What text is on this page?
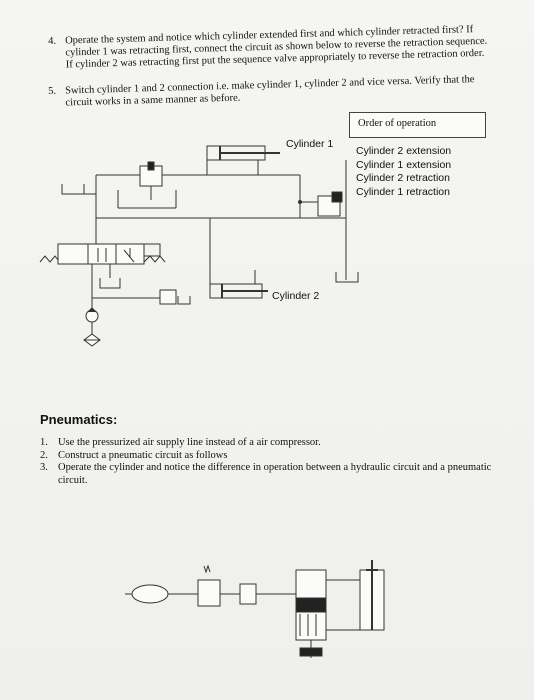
4. Operate the system and notice which cylinder extended first and which cylinder retracted first? If cylinder 1 was retracting first, connect the circuit as shown below to reverse the retraction sequence. If cylinder 2 was retracting first put the sequence valve appropriately to reverse the retraction order.
5. Switch cylinder 1 and 2 connection i.e. make cylinder 1, cylinder 2 and vice versa. Verify that the circuit works in a same manner as before.
Cylinder 1
Cylinder 2
Order of operation
Cylinder 2 extension
Cylinder 1 extension
Cylinder 2 retraction
Cylinder 1 retraction
Pneumatics:
1. Use the pressurized air supply line instead of a air compressor.
2. Construct a pneumatic circuit as follows
3. Operate the cylinder and notice the difference in operation between a hydraulic circuit and a pneumatic circuit.
